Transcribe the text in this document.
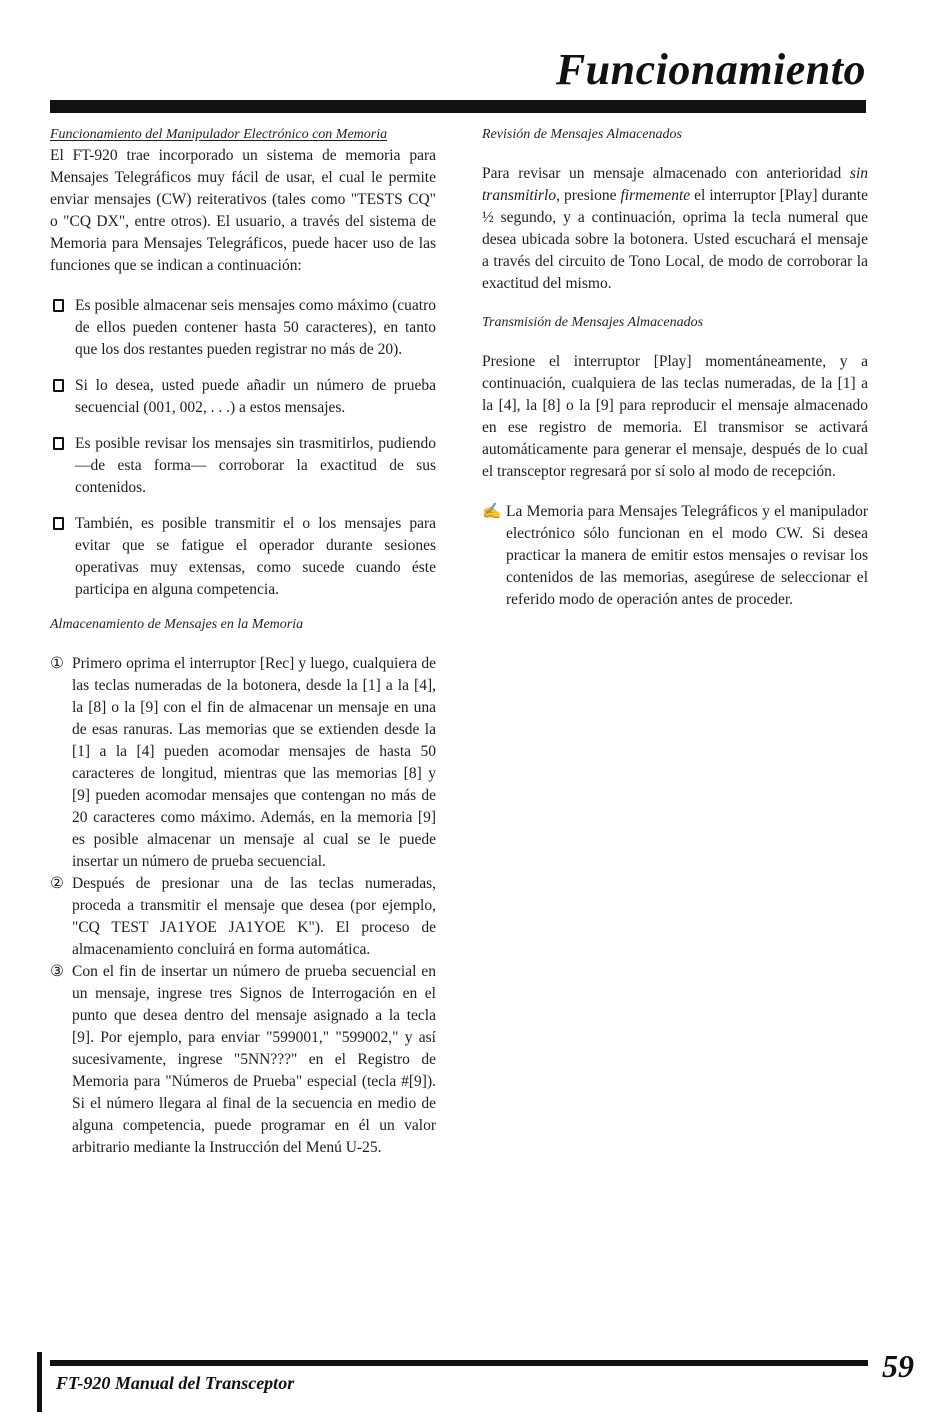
Funcionamiento

Funcionamiento del Manipulador Electrónico con Memoria

El FT-920 trae incorporado un sistema de memoria para Mensajes Telegráficos muy fácil de usar, el cual le permite enviar mensajes (CW) reiterativos (tales como "TESTS CQ" o "CQ DX", entre otros). El usuario, a través del sistema de Memoria para Mensajes Telegráficos, puede hacer uso de las funciones que se indican a continuación:

Es posible almacenar seis mensajes como máximo (cuatro de ellos pueden contener hasta 50 caracteres), en tanto que los dos restantes pueden registrar no más de 20).

Si lo desea, usted puede añadir un número de prueba secuencial (001, 002, . . .) a estos mensajes.

Es posible revisar los mensajes sin trasmitirlos, pudiendo —de esta forma— corroborar la exactitud de sus contenidos.

También, es posible transmitir el o los mensajes para evitar que se fatigue el operador durante sesiones operativas muy extensas, como sucede cuando éste participa en alguna competencia.

Almacenamiento de Mensajes en la Memoria

① Primero oprima el interruptor [Rec] y luego, cualquiera de las teclas numeradas de la botonera, desde la [1] a la [4], la [8] o la [9] con el fin de almacenar un mensaje en una de esas ranuras. Las memorias que se extienden desde la [1] a la [4] pueden acomodar mensajes de hasta 50 caracteres de longitud, mientras que las memorias [8] y [9] pueden acomodar mensajes que contengan no más de 20 caracteres como máximo. Además, en la memoria [9] es posible almacenar un mensaje al cual se le puede insertar un número de prueba secuencial.

② Después de presionar una de las teclas numeradas, proceda a transmitir el mensaje que desea (por ejemplo, "CQ TEST JA1YOE JA1YOE K"). El proceso de almacenamiento concluirá en forma automática.

③ Con el fin de insertar un número de prueba secuencial en un mensaje, ingrese tres Signos de Interrogación en el punto que desea dentro del mensaje asignado a la tecla [9]. Por ejemplo, para enviar "599001," "599002," y así sucesivamente, ingrese "5NN???" en el Registro de Memoria para "Números de Prueba" especial (tecla #[9]). Si el número llegara al final de la secuencia en medio de alguna competencia, puede programar en él un valor arbitrario mediante la Instrucción del Menú U-25.

Revisión de Mensajes Almacenados

Para revisar un mensaje almacenado con anterioridad sin transmitirlo, presione firmemente el interruptor [Play] durante ½ segundo, y a continuación, oprima la tecla numeral que desea ubicada sobre la botonera. Usted escuchará el mensaje a través del circuito de Tono Local, de modo de corroborar la exactitud del mismo.

Transmisión de Mensajes Almacenados

Presione el interruptor [Play] momentáneamente, y a continuación, cualquiera de las teclas numeradas, de la [1] a la [4], la [8] o la [9] para reproducir el mensaje almacenado en ese registro de memoria. El transmisor se activará automáticamente para generar el mensaje, después de lo cual el transceptor regresará por sí solo al modo de recepción.

✍ La Memoria para Mensajes Telegráficos y el manipulador electrónico sólo funcionan en el modo CW. Si desea practicar la manera de emitir estos mensajes o revisar los contenidos de las memorias, asegúrese de seleccionar el referido modo de operación antes de proceder.

FT-920 Manual del Transceptor	59
